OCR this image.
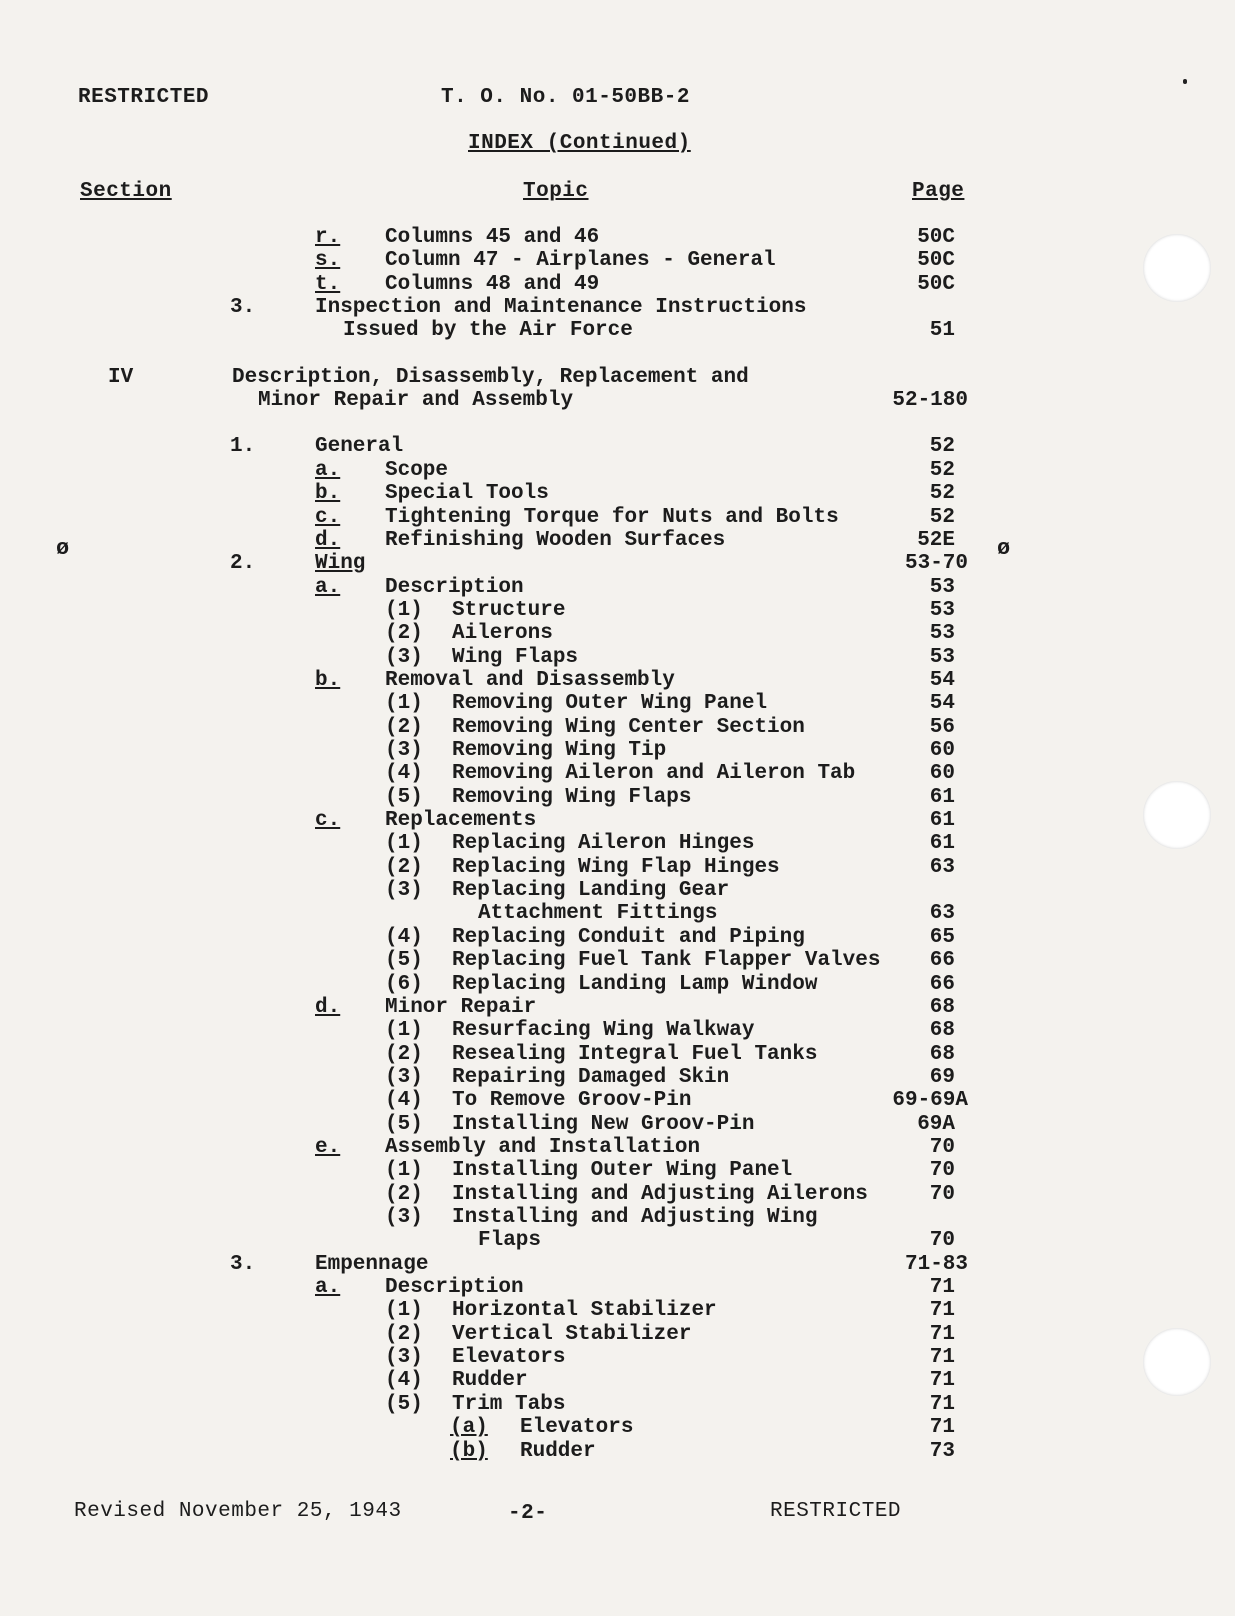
RESTRICTED	T. O. No. 01-50BB-2
INDEX (Continued)
Section	Topic	Page
ø	ø
r. Columns 45 and 46	50C
s. Column 47 - Airplanes - General	50C
t. Columns 48 and 49	50C
3.	Inspection and Maintenance Instructions
Issued by the Air Force	51
IV	Description, Disassembly, Replacement and
Minor Repair and Assembly	52-180
1.	General	52
a. Scope	52
b. Special Tools	52
c. Tightening Torque for Nuts and Bolts	52
d. Refinishing Wooden Surfaces	52E
2.	Wing	53-70
a. Description	53
(1) Structure	53
(2) Ailerons	53
(3) Wing Flaps	53
b. Removal and Disassembly	54
(1) Removing Outer Wing Panel	54
(2) Removing Wing Center Section	56
(3) Removing Wing Tip	60
(4) Removing Aileron and Aileron Tab	60
(5) Removing Wing Flaps	61
c. Replacements	61
(1) Replacing Aileron Hinges	61
(2) Replacing Wing Flap Hinges	63
(3) Replacing Landing Gear
Attachment Fittings	63
(4) Replacing Conduit and Piping	65
(5) Replacing Fuel Tank Flapper Valves	66
(6) Replacing Landing Lamp Window	66
d. Minor Repair	68
(1) Resurfacing Wing Walkway	68
(2) Resealing Integral Fuel Tanks	68
(3) Repairing Damaged Skin	69
(4) To Remove Groov-Pin	69-69A
(5) Installing New Groov-Pin	69A
e. Assembly and Installation	70
(1) Installing Outer Wing Panel	70
(2) Installing and Adjusting Ailerons	70
(3) Installing and Adjusting Wing
Flaps	70
3.	Empennage	71-83
a. Description	71
(1) Horizontal Stabilizer	71
(2) Vertical Stabilizer	71
(3) Elevators	71
(4) Rudder	71
(5) Trim Tabs	71
(a) Elevators	71
(b) Rudder	73
Revised November 25, 1943	-2-	RESTRICTED
